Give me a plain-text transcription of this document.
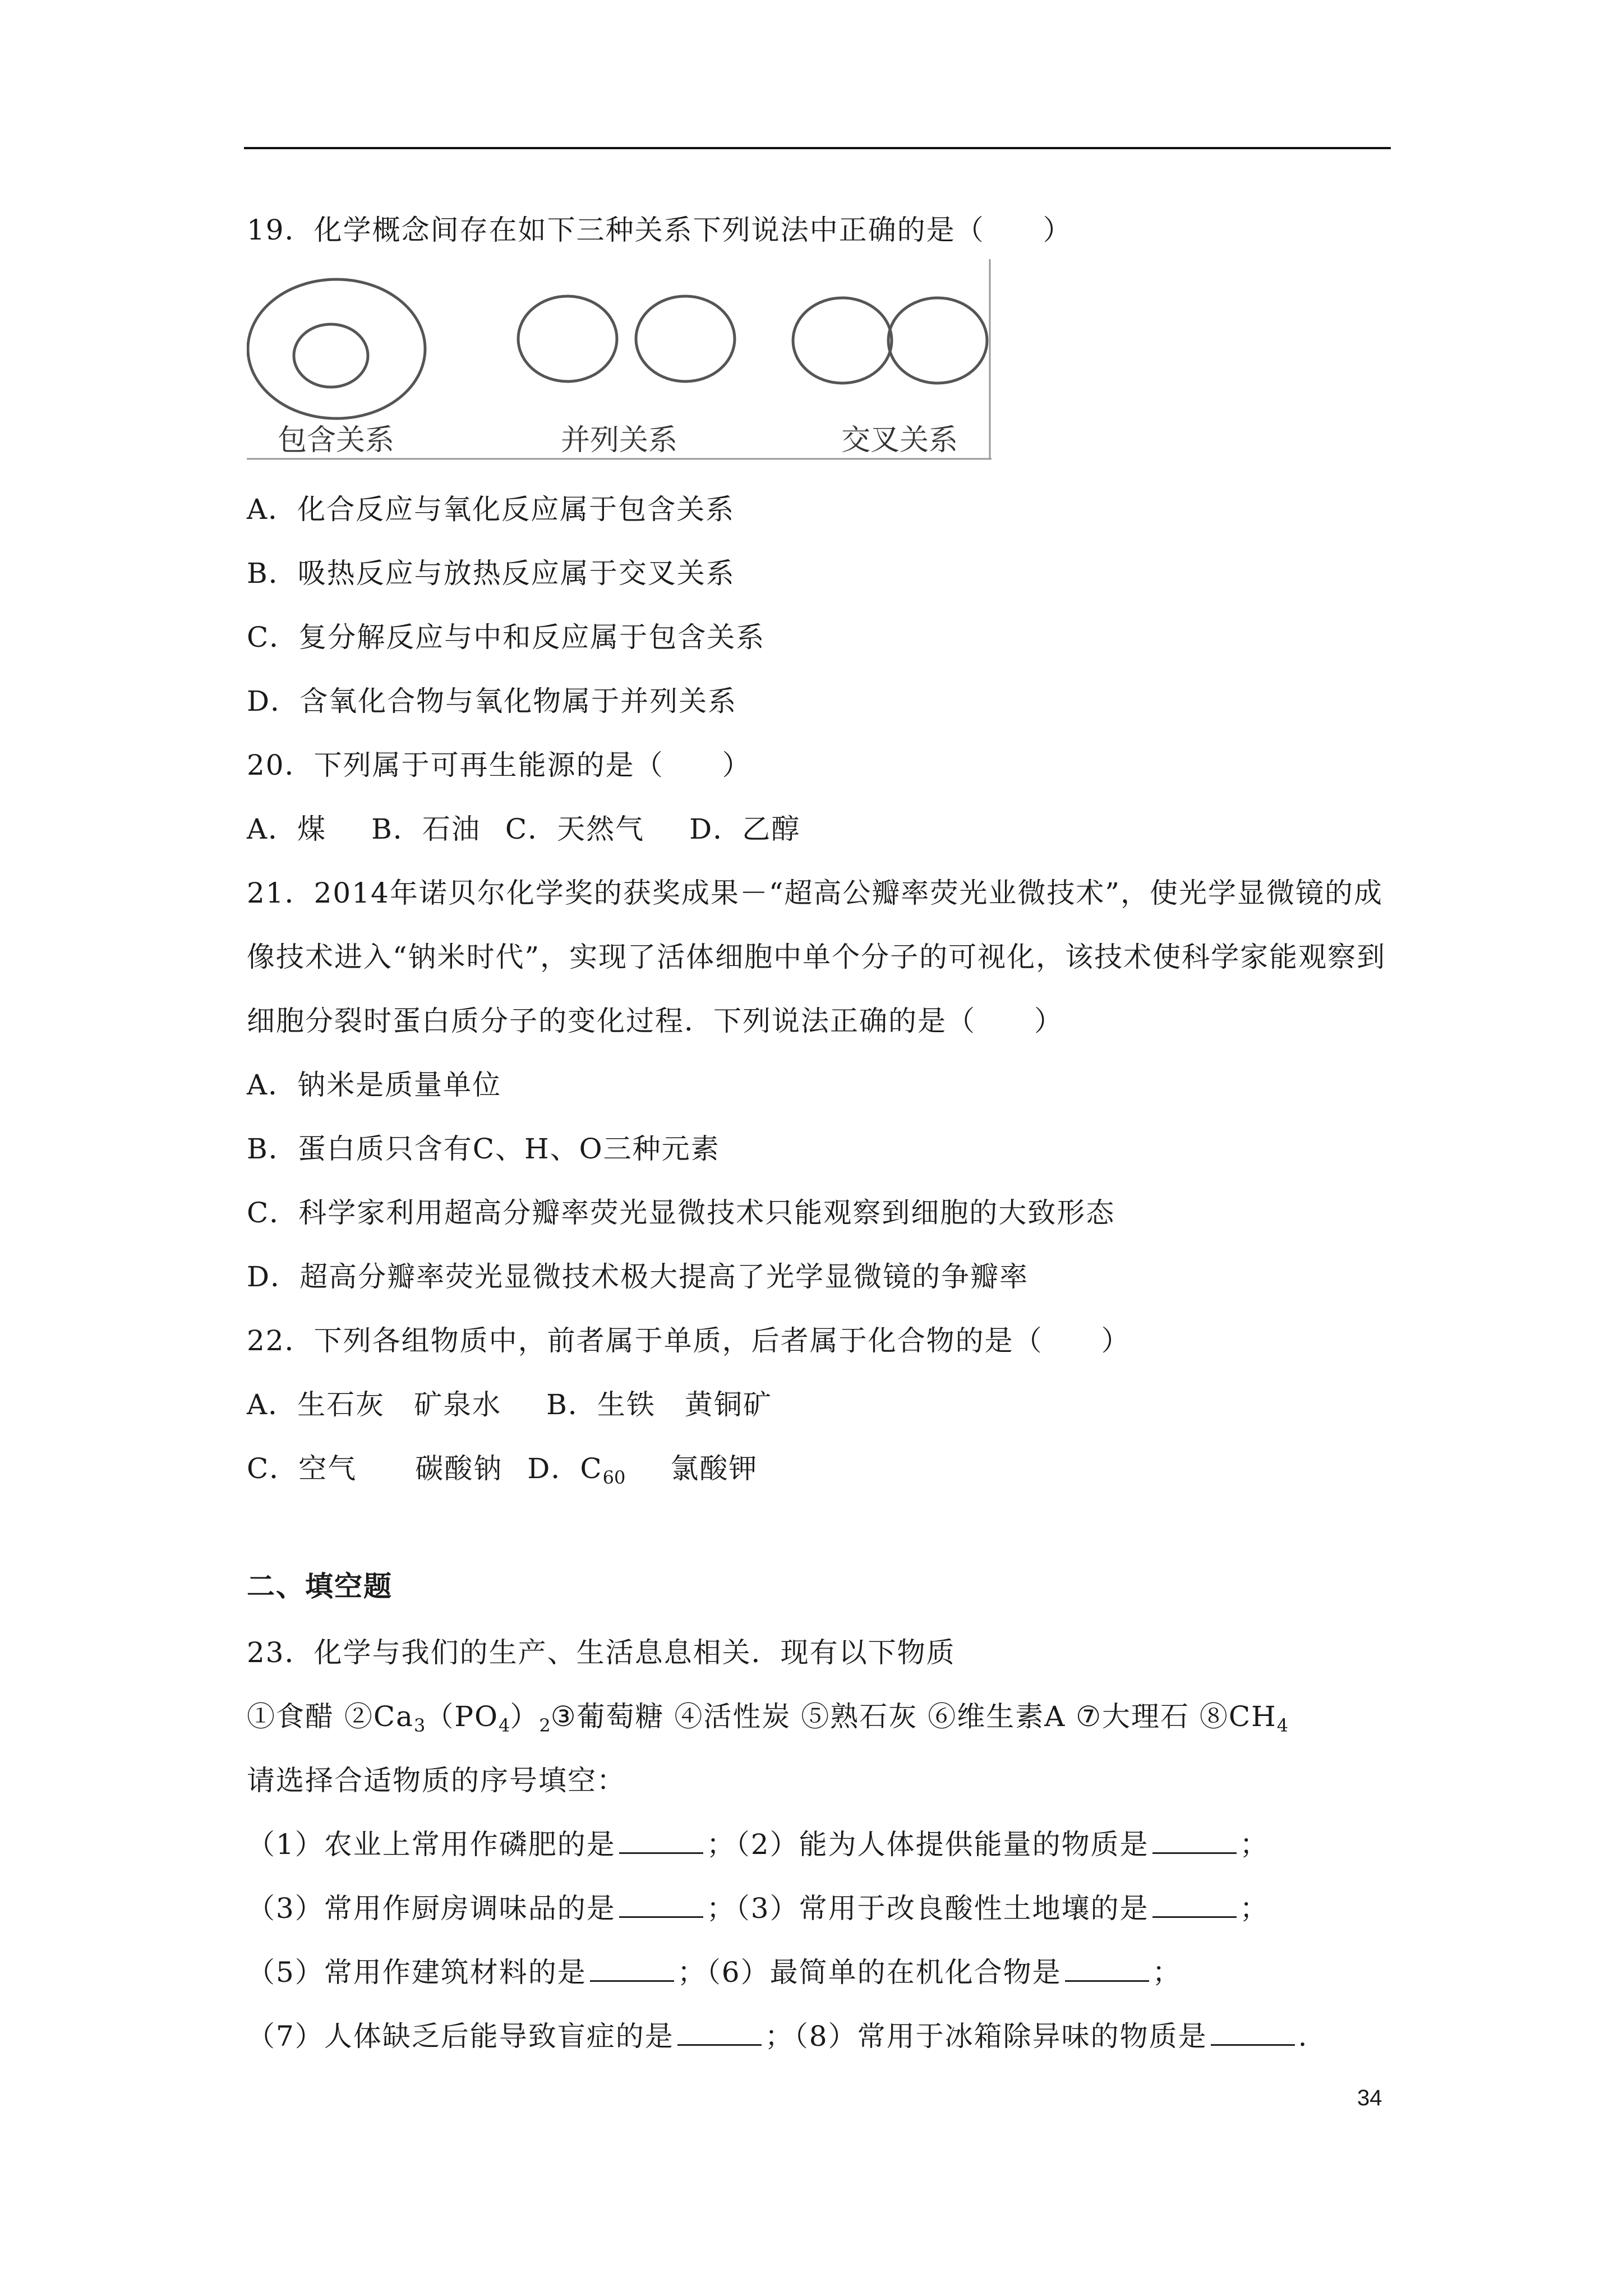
19．化学概念间存在如下三种关系下列说法中正确的是（　　）
包含关系	并列关系	交叉关系
A．化合反应与氧化反应属于包含关系
B．吸热反应与放热反应属于交叉关系
C．复分解反应与中和反应属于包含关系
D．含氧化合物与氧化物属于并列关系
20．下列属于可再生能源的是（　　）
A．煤 B．石油 C．天然气 D．乙醇
21．2014年诺贝尔化学奖的获奖成果－“超高公瓣率荧光业微技术”，使光学显微镜的成
像技术进入“钠米时代”，实现了活体细胞中单个分子的可视化，该技术使科学家能观察到
细胞分裂时蛋白质分子的变化过程．下列说法正确的是（　　）
A．钠米是质量单位
B．蛋白质只含有C、H、O三种元素
C．科学家利用超高分瓣率荧光显微技术只能观察到细胞的大致形态
D．超高分瓣率荧光显微技术极大提高了光学显微镜的争瓣率
22．下列各组物质中，前者属于单质，后者属于化合物的是（　　）
A．生石灰　矿泉水 B．生铁　黄铜矿
C．空气　　碳酸钠 D．$C_{60}$ 氯酸钾
二、填空题
23．化学与我们的生产、生活息息相关．现有以下物质
①食醋 $②Ca_3(PO_4)_2③$葡萄糖 ④活性炭 ⑤熟石灰 ⑥维生素A ⑦大理石 $⑧CH_4$
请选择合适物质的序号填空：
（1）农业上常用作磷肥的是	；（2）能为人体提供能量的物质是	；
（3）常用作厨房调味品的是	；（3）常用于改良酸性土地壤的是	；
（5）常用作建筑材料的是	；（6）最简单的在机化合物是	；
（7）人体缺乏后能导致盲症的是	；（8）常用于冰箱除异味的物质是	.
34
